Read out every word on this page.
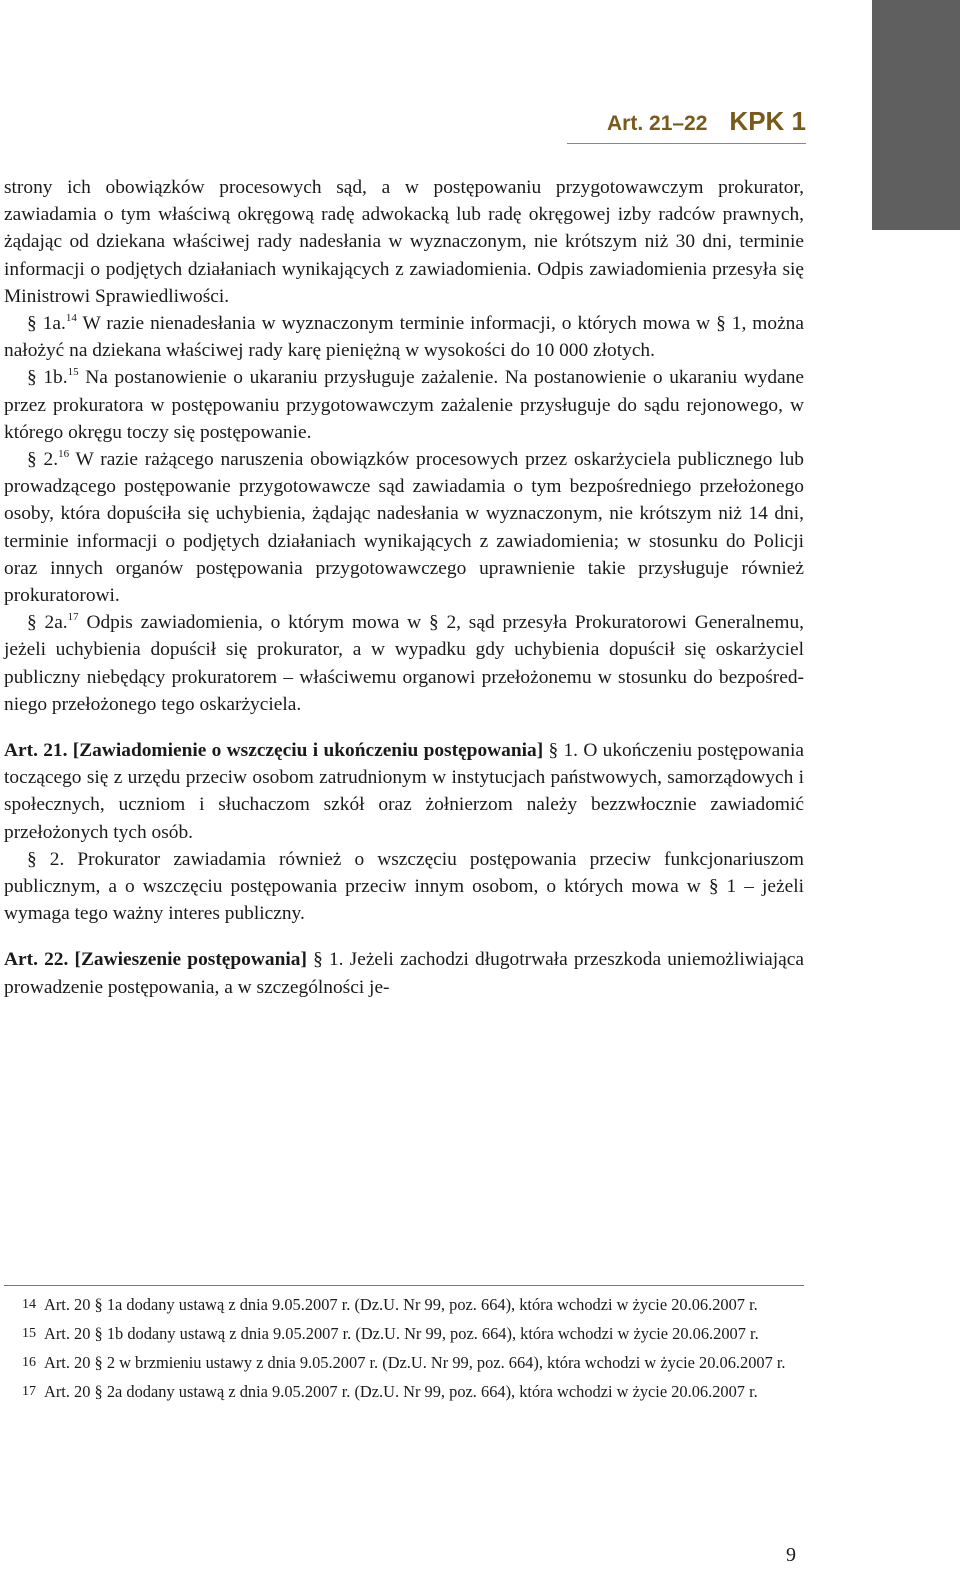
Art. 21–22 KPK 1

strony ich obowiązków procesowych sąd, a w postępowaniu przygotowawczym prokurator, zawiadamia o tym właściwą okręgową radę adwokacką lub radę okręgowej izby radców prawnych, żądając od dziekana właściwej rady nadesłania w wyznaczonym, nie krótszym niż 30 dni, terminie informacji o podjętych działaniach wynikających z zawiadomienia. Odpis zawiadomienia przesyła się Ministrowi Sprawiedliwości.

§ 1a.$^{14}$ W razie nienadesłania w wyznaczonym terminie informacji, o których mowa w § 1, można nałożyć na dziekana właściwej rady karę pieniężną w wysokości do 10 000 złotych.

§ 1b.$^{15}$ Na postanowienie o ukaraniu przysługuje zażalenie. Na postanowienie o ukaraniu wydane przez prokuratora w postępowaniu przygotowawczym zażalenie przysługuje do sądu rejonowego, w którego okręgu toczy się postępowanie.

§ 2.16 W razie rażącego naruszenia obowiązków procesowych przez oskarżyciela publicznego lub prowadzącego postępowanie przygotowawcze sąd zawiadamia o tym bezpośredniego przełożonego osoby, która dopuściła się uchybienia, żądając nadesłania w wyznaczonym, nie krótszym niż 14 dni, terminie informacji o podjętych działaniach wynikających z zawiadomienia; w stosunku do Policji oraz innych organów postępowania przygotowawczego uprawnienie takie przysługuje również prokuratorowi.

§ 2a.$^{17}$ Odpis zawiadomienia, o którym mowa w § 2, sąd przesyła Prokuratorowi Generalnemu, jeżeli uchybienia dopuścił się prokurator, a w wypadku gdy uchybienia dopuścił się oskarżyciel publiczny niebędący prokuratorem – właściwemu organowi przełożonemu w stosunku do bezpośredniego przełożonego tego oskarżyciela.

Art. 21. [Zawiadomienie o wszczęciu i ukończeniu postępowania] § 1. O ukończeniu postępowania toczącego się z urzędu przeciw osobom zatrudnionym w instytucjach państwowych, samorządowych i społecznych, uczniom i słuchaczom szkół oraz żołnierzom należy bezzwłocznie zawiadomić przełożonych tych osób.

§ 2. Prokurator zawiadamia również o wszczęciu postępowania przeciw funkcjonariuszom publicznym, a o wszczęciu postępowania przeciw innym osobom, o których mowa w § 1 – jeżeli wymaga tego ważny interes publiczny.

Art. 22. [Zawieszenie postępowania] § 1. Jeżeli zachodzi długotrwała przeszkoda uniemożliwiająca prowadzenie postępowania, a w szczególności je-

14 Art. 20 § 1a dodany ustawą z dnia 9.05.2007 r. (Dz.U. Nr 99, poz. 664), która wchodzi w życie 20.06.2007 r.

15 Art. 20 § 1b dodany ustawą z dnia 9.05.2007 r. (Dz.U. Nr 99, poz. 664), która wchodzi w życie 20.06.2007 r.

16 Art. 20 § 2 w brzmieniu ustawy z dnia 9.05.2007 r. (Dz.U. Nr 99, poz. 664), która wchodzi w życie 20.06.2007 r.

17 Art. 20 § 2a dodany ustawą z dnia 9.05.2007 r. (Dz.U. Nr 99, poz. 664), która wchodzi w życie 20.06.2007 r.

9
